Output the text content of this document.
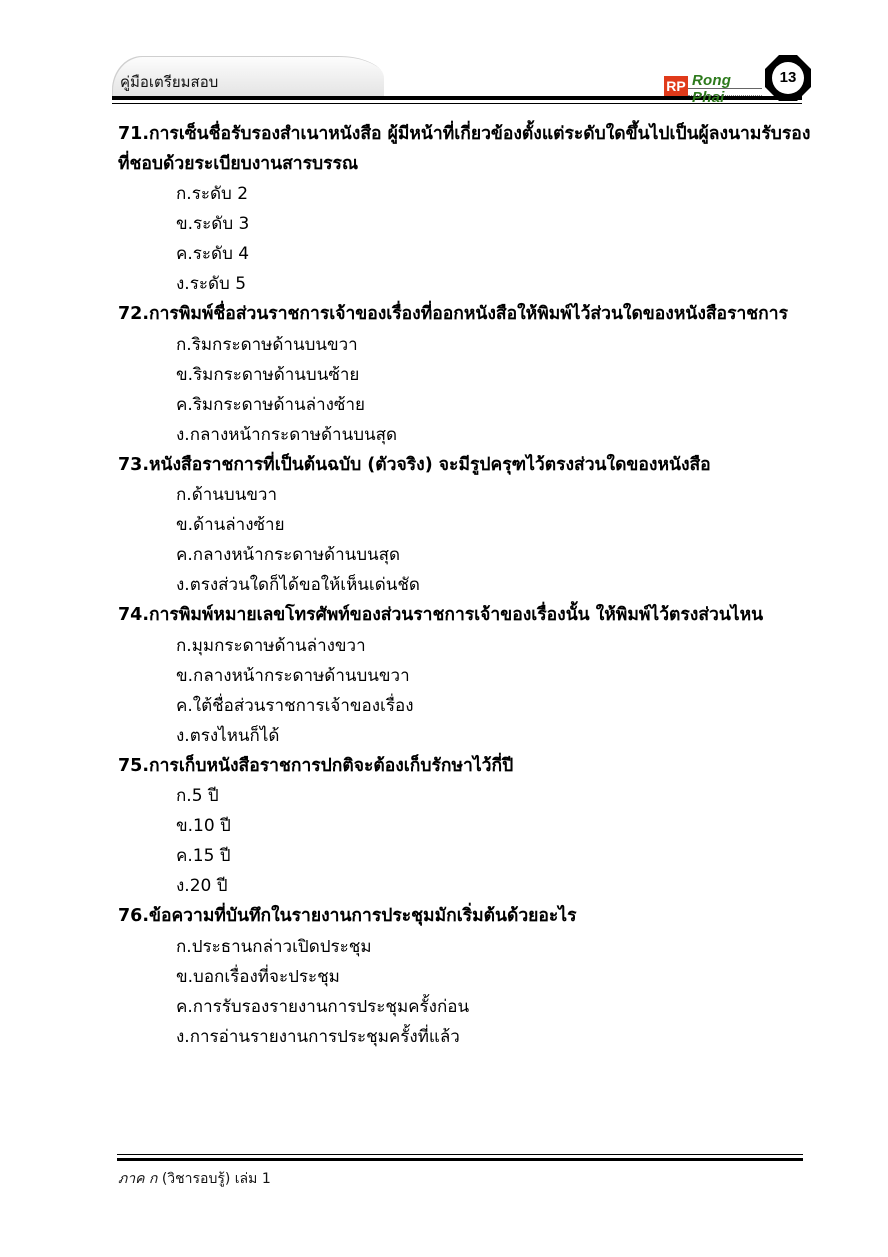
คู่มือเตรียมสอบ	RP Rong Phai
13
71.การเซ็นชื่อรับรองสำเนาหนังสือ ผู้มีหน้าที่เกี่ยวข้องตั้งแต่ระดับใดขึ้นไปเป็นผู้ลงนามรับรอง
ที่ชอบด้วยระเบียบงานสารบรรณ
ก.ระดับ 2
ข.ระดับ 3
ค.ระดับ 4
ง.ระดับ 5
72.การพิมพ์ชื่อส่วนราชการเจ้าของเรื่องที่ออกหนังสือให้พิมพ์ไว้ส่วนใดของหนังสือราชการ
ก.ริมกระดาษด้านบนขวา
ข.ริมกระดาษด้านบนซ้าย
ค.ริมกระดาษด้านล่างซ้าย
ง.กลางหน้ากระดาษด้านบนสุด
73.หนังสือราชการที่เป็นต้นฉบับ (ตัวจริง) จะมีรูปครุฑไว้ตรงส่วนใดของหนังสือ
ก.ด้านบนขวา
ข.ด้านล่างซ้าย
ค.กลางหน้ากระดาษด้านบนสุด
ง.ตรงส่วนใดก็ได้ขอให้เห็นเด่นชัด
74.การพิมพ์หมายเลขโทรศัพท์ของส่วนราชการเจ้าของเรื่องนั้น ให้พิมพ์ไว้ตรงส่วนไหน
ก.มุมกระดาษด้านล่างขวา
ข.กลางหน้ากระดาษด้านบนขวา
ค.ใต้ชื่อส่วนราชการเจ้าของเรื่อง
ง.ตรงไหนก็ได้
75.การเก็บหนังสือราชการปกติจะต้องเก็บรักษาไว้กี่ปี
ก.5 ปี
ข.10 ปี
ค.15 ปี
ง.20 ปี
76.ข้อความที่บันทึกในรายงานการประชุมมักเริ่มต้นด้วยอะไร
ก.ประธานกล่าวเปิดประชุม
ข.บอกเรื่องที่จะประชุม
ค.การรับรองรายงานการประชุมครั้งก่อน
ง.การอ่านรายงานการประชุมครั้งที่แล้ว
ภาค ก (วิชารอบรู้) เล่ม 1
